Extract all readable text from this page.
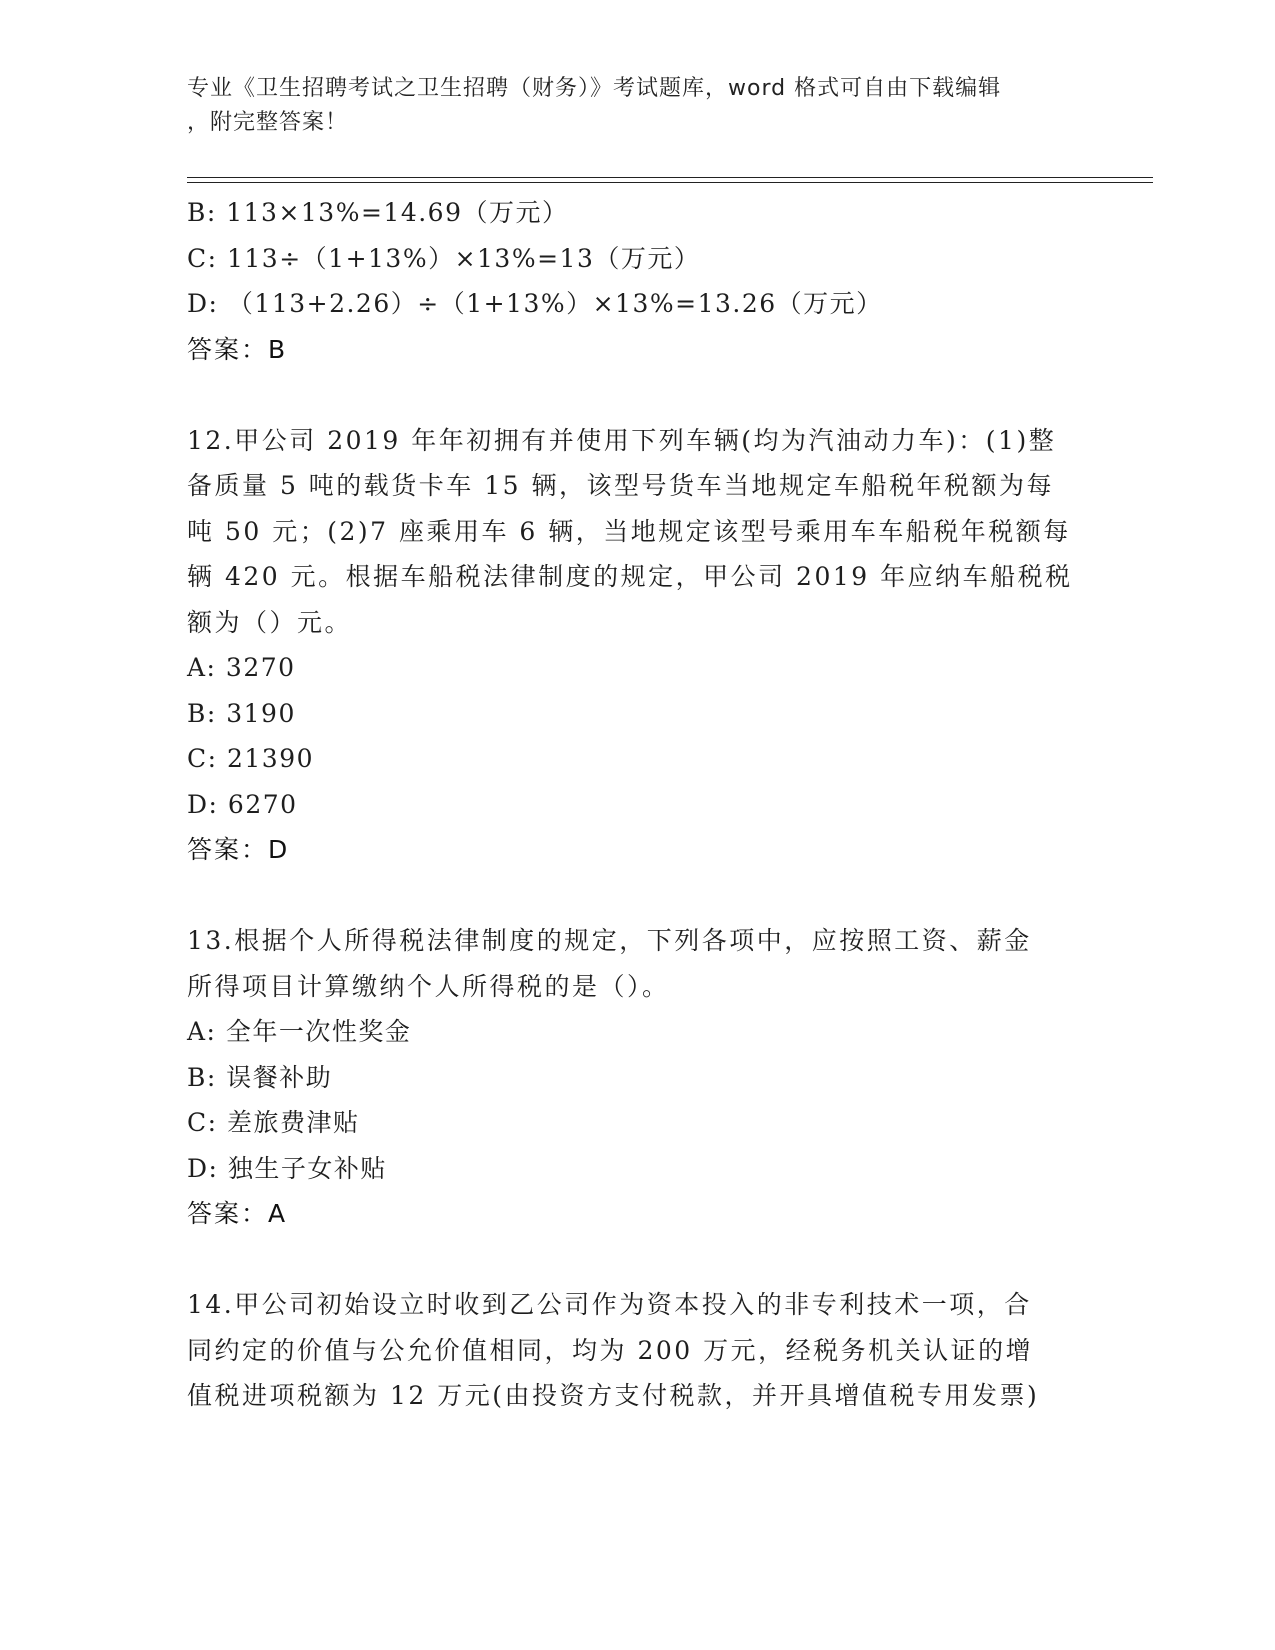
专业《卫生招聘考试之卫生招聘（财务）》考试题库，word 格式可自由下载编辑
，附完整答案！
B: 113×13%=14.69（万元）
C: 113÷（1+13%）×13%=13（万元）
D: （113+2.26）÷（1+13%）×13%=13.26（万元）
答案：B
12.甲公司 2019 年年初拥有并使用下列车辆(均为汽油动力车)：(1)整
备质量 5 吨的载货卡车 15 辆，该型号货车当地规定车船税年税额为每
吨 50 元；(2)7 座乘用车 6 辆，当地规定该型号乘用车车船税年税额每
辆 420 元。根据车船税法律制度的规定，甲公司 2019 年应纳车船税税
额为（）元。
A: 3270
B: 3190
C: 21390
D: 6270
答案：D
13.根据个人所得税法律制度的规定，下列各项中，应按照工资、薪金
所得项目计算缴纳个人所得税的是（）。
A: 全年一次性奖金
B: 误餐补助
C: 差旅费津贴
D: 独生子女补贴
答案：A
14.甲公司初始设立时收到乙公司作为资本投入的非专利技术一项，合
同约定的价值与公允价值相同，均为 200 万元，经税务机关认证的增
值税进项税额为 12 万元(由投资方支付税款，并开具增值税专用发票)
